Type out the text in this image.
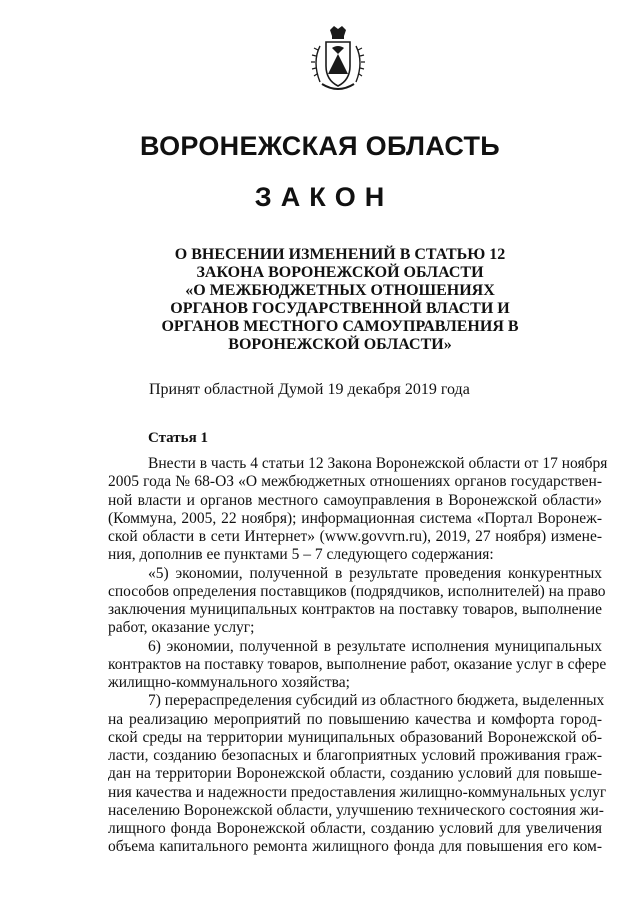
ВОРОНЕЖСКАЯ ОБЛАСТЬ
ЗАКОН
О ВНЕСЕНИИ ИЗМЕНЕНИЙ В СТАТЬЮ 12
ЗАКОНА ВОРОНЕЖСКОЙ ОБЛАСТИ
«О МЕЖБЮДЖЕТНЫХ ОТНОШЕНИЯХ
ОРГАНОВ ГОСУДАРСТВЕННОЙ ВЛАСТИ И
ОРГАНОВ МЕСТНОГО САМОУПРАВЛЕНИЯ В
ВОРОНЕЖСКОЙ ОБЛАСТИ»
Принят областной Думой 19 декабря 2019 года
Статья 1
Внести в часть 4 статьи 12 Закона Воронежской области от 17 ноября
2005 года № 68-ОЗ «О межбюджетных отношениях органов государствен-
ной власти и органов местного самоуправления в Воронежской области»
(Коммуна, 2005, 22 ноября); информационная система «Портал Воронеж-
ской области в сети Интернет» (www.govvrn.ru), 2019, 27 ноября) измене-
ния, дополнив ее пунктами 5 – 7 следующего содержания:
«5) экономии, полученной в результате проведения конкурентных
способов определения поставщиков (подрядчиков, исполнителей) на право
заключения муниципальных контрактов на поставку товаров, выполнение
работ, оказание услуг;
6) экономии, полученной в результате исполнения муниципальных
контрактов на поставку товаров, выполнение работ, оказание услуг в сфере
жилищно-коммунального хозяйства;
7) перераспределения субсидий из областного бюджета, выделенных
на реализацию мероприятий по повышению качества и комфорта город-
ской среды на территории муниципальных образований Воронежской об-
ласти, созданию безопасных и благоприятных условий проживания граж-
дан на территории Воронежской области, созданию условий для повыше-
ния качества и надежности предоставления жилищно-коммунальных услуг
населению Воронежской области, улучшению технического состояния жи-
лищного фонда Воронежской области, созданию условий для увеличения
объема капитального ремонта жилищного фонда для повышения его ком-
